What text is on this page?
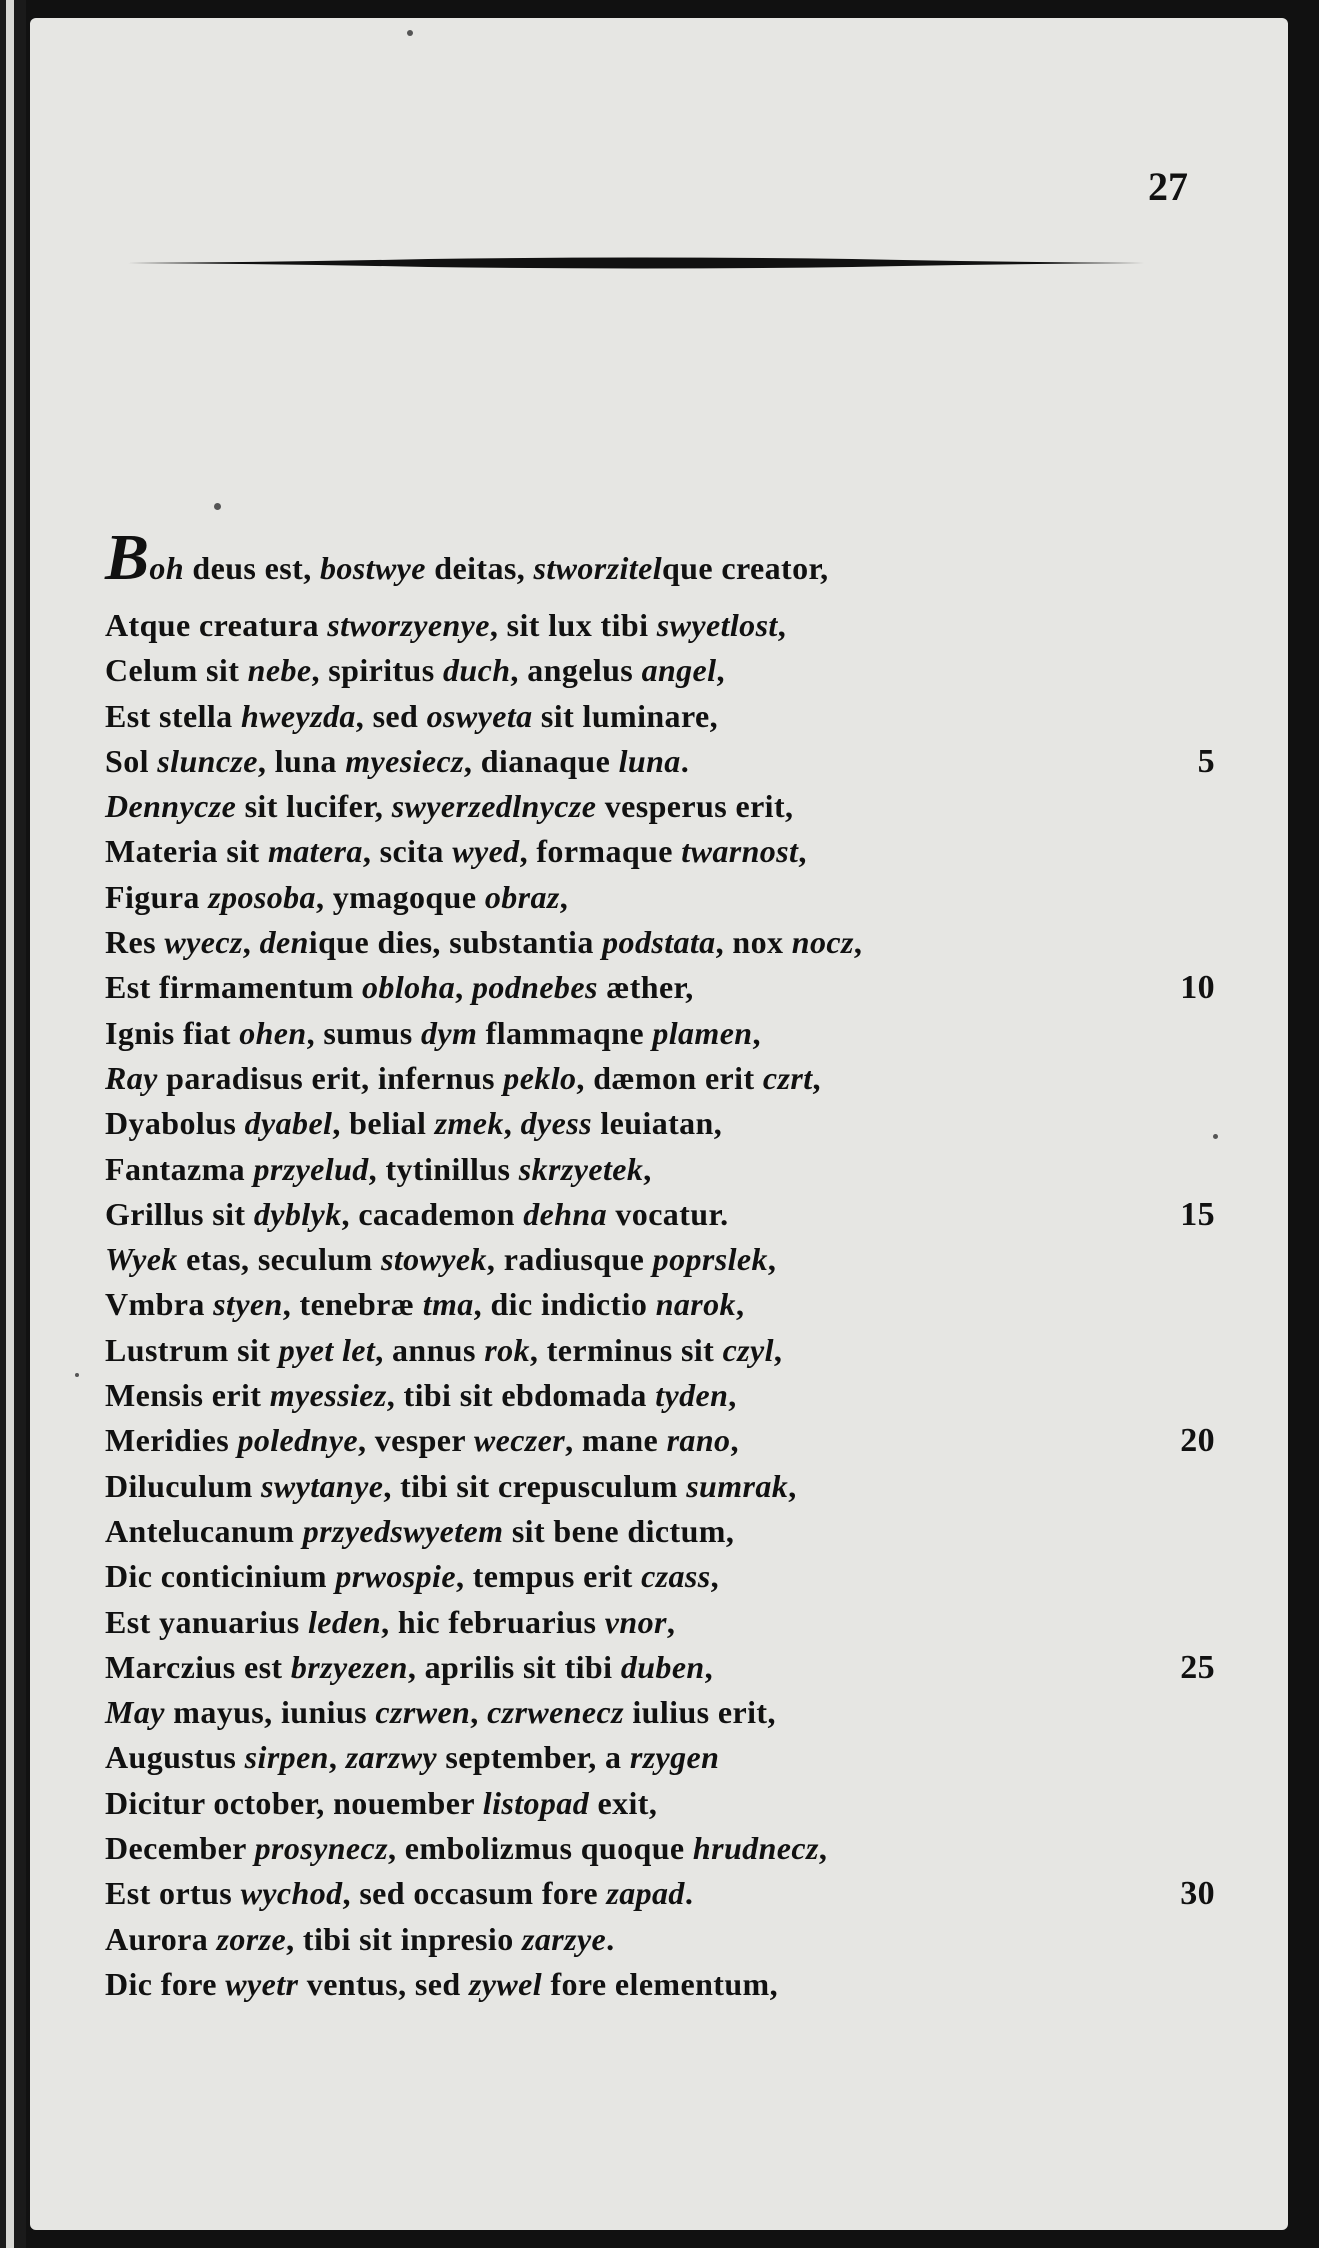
27
Boh deus est, bostwye deitas, stworzitelque creator,
Atque creatura stworzyenye, sit lux tibi swyetlost,
Celum sit nebe, spiritus duch, angelus angel,
Est stella hweyzda, sed oswyeta sit luminare,
Sol sluncze, luna myesiecz, dianaque luna.	5
Dennycze sit lucifer, swyerzedlnycze vesperus erit,
Materia sit matera, scita wyed, formaque twarnost,
Figura zposoba, ymagoque obraz,
Res wyecz, denique dies, substantia podstata, nox nocz,
Est firmamentum obloha, podnebes æther,	10
Ignis fiat ohen, sumus dym flammaqne plamen,
Ray paradisus erit, infernus peklo, dæmon erit czrt,
Dyabolus dyabel, belial zmek, dyess leuiatan,
Fantazma przyelud, tytinillus skrzyetek,
Grillus sit dyblyk, cacademon dehna vocatur.	15
Wyek etas, seculum stowyek, radiusque poprslek,
Vmbra styen, tenebræ tma, dic indictio narok,
Lustrum sit pyet let, annus rok, terminus sit czyl,
Mensis erit myessiez, tibi sit ebdomada tyden,
Meridies polednye, vesper weczer, mane rano,	20
Diluculum swytanye, tibi sit crepusculum sumrak,
Antelucanum przyedswyetem sit bene dictum,
Dic conticinium prwospie, tempus erit czass,
Est yanuarius leden, hic februarius vnor,
Marczius est brzyezen, aprilis sit tibi duben,	25
May mayus, iunius czrwen, czrwenecz iulius erit,
Augustus sirpen, zarzwy september, a rzygen
Dicitur october, nouember listopad exit,
December prosynecz, embolizmus quoque hrudnecz,
Est ortus wychod, sed occasum fore zapad.	30
Aurora zorze, tibi sit inpresio zarzye.
Dic fore wyetr ventus, sed zywel fore elementum,
